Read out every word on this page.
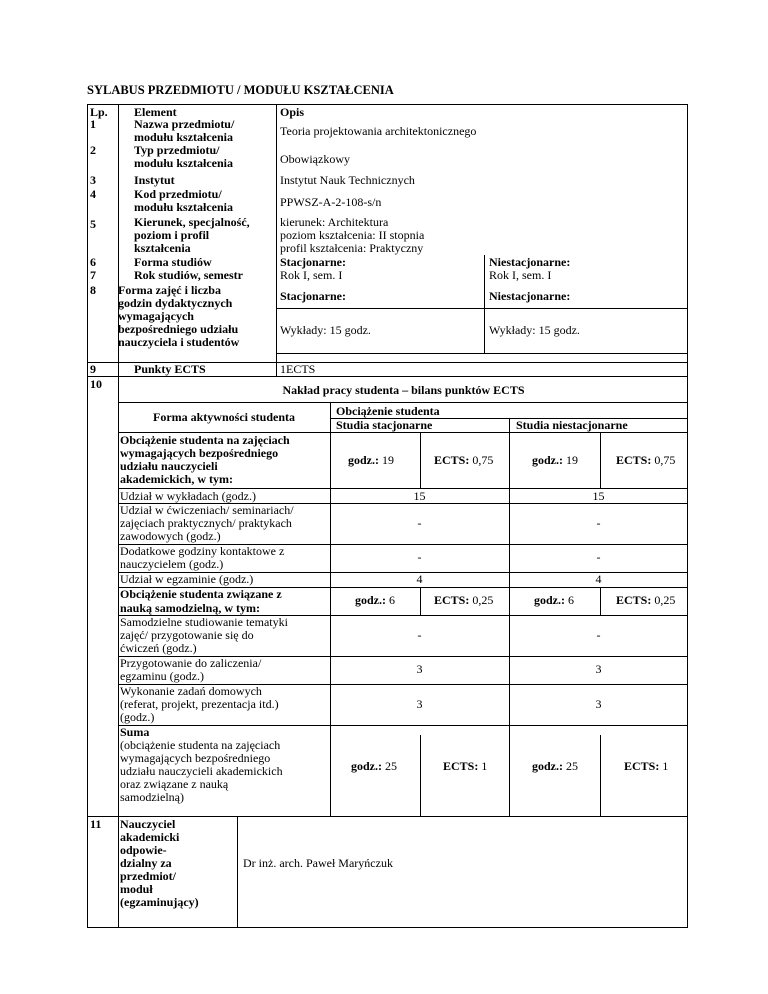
SYLABUS PRZEDMIOTU / MODUŁU KSZTAŁCENIA
Lp. Element	Opis
1	Nazwa przedmiotu/
modułu kształcenia	Teoria projektowania architektonicznego
2	Typ przedmiotu/
modułu kształcenia	Obowiązkowy
3	Instytut	Instytut Nauk Technicznych
4	Kod przedmiotu/
modułu kształcenia	PPWSZ-A-2-108-s/n
5	Kierunek, specjalność,
poziom i profil
kształcenia
kierunek: Architektura
poziom kształcenia: II stopnia
profil kształcenia: Praktyczny
6	Forma studiów	Stacjonarne:	Niestacjonarne:
7	Rok studiów, semestr	Rok I, sem. I	Rok I, sem. I
8 Forma zajęć i liczba
godzin dydaktycznych
wymagających
bezpośredniego udziału
nauczyciela i studentów
Stacjonarne:	Niestacjonarne:
Wykłady: 15 godz.	Wykłady: 15 godz.
9	Punkty ECTS	1ECTS
10	Nakład pracy studenta – bilans punktów ECTS
Forma aktywności studenta	Obciążenie studenta
Studia stacjonarne	Studia niestacjonarne
Obciążenie studenta na zajęciach
wymagających bezpośredniego
udziału nauczycieli
akademickich, w tym:
godz.: 19	ECTS: 0,75	godz.: 19	ECTS: 0,75
Udział w wykładach (godz.)	15	15
Udział w ćwiczeniach/ seminariach/
zajęciach praktycznych/ praktykach
zawodowych (godz.)
-	-
Dodatkowe godziny kontaktowe z
nauczycielem (godz.)	-	-
Udział w egzaminie (godz.)	4	4
Obciążenie studenta związane z
nauką samodzielną, w tym:
godz.: 6	ECTS: 0,25	godz.: 6	ECTS: 0,25
Samodzielne studiowanie tematyki
zajęć/ przygotowanie się do
ćwiczeń (godz.)
-	-
Przygotowanie do zaliczenia/
egzaminu (godz.)	3	3
Wykonanie zadań domowych
(referat, projekt, prezentacja itd.)
(godz.)
3	3
Suma
(obciążenie studenta na zajęciach
wymagających bezpośredniego
udziału nauczycieli akademickich
oraz związane z nauką
samodzielną)
godz.: 25	ECTS: 1	godz.: 25	ECTS: 1
11 Nauczyciel
akademicki
odpowie-
dzialny za
przedmiot/
moduł
(egzaminujący)
Dr inż. arch. Paweł Maryńczuk
